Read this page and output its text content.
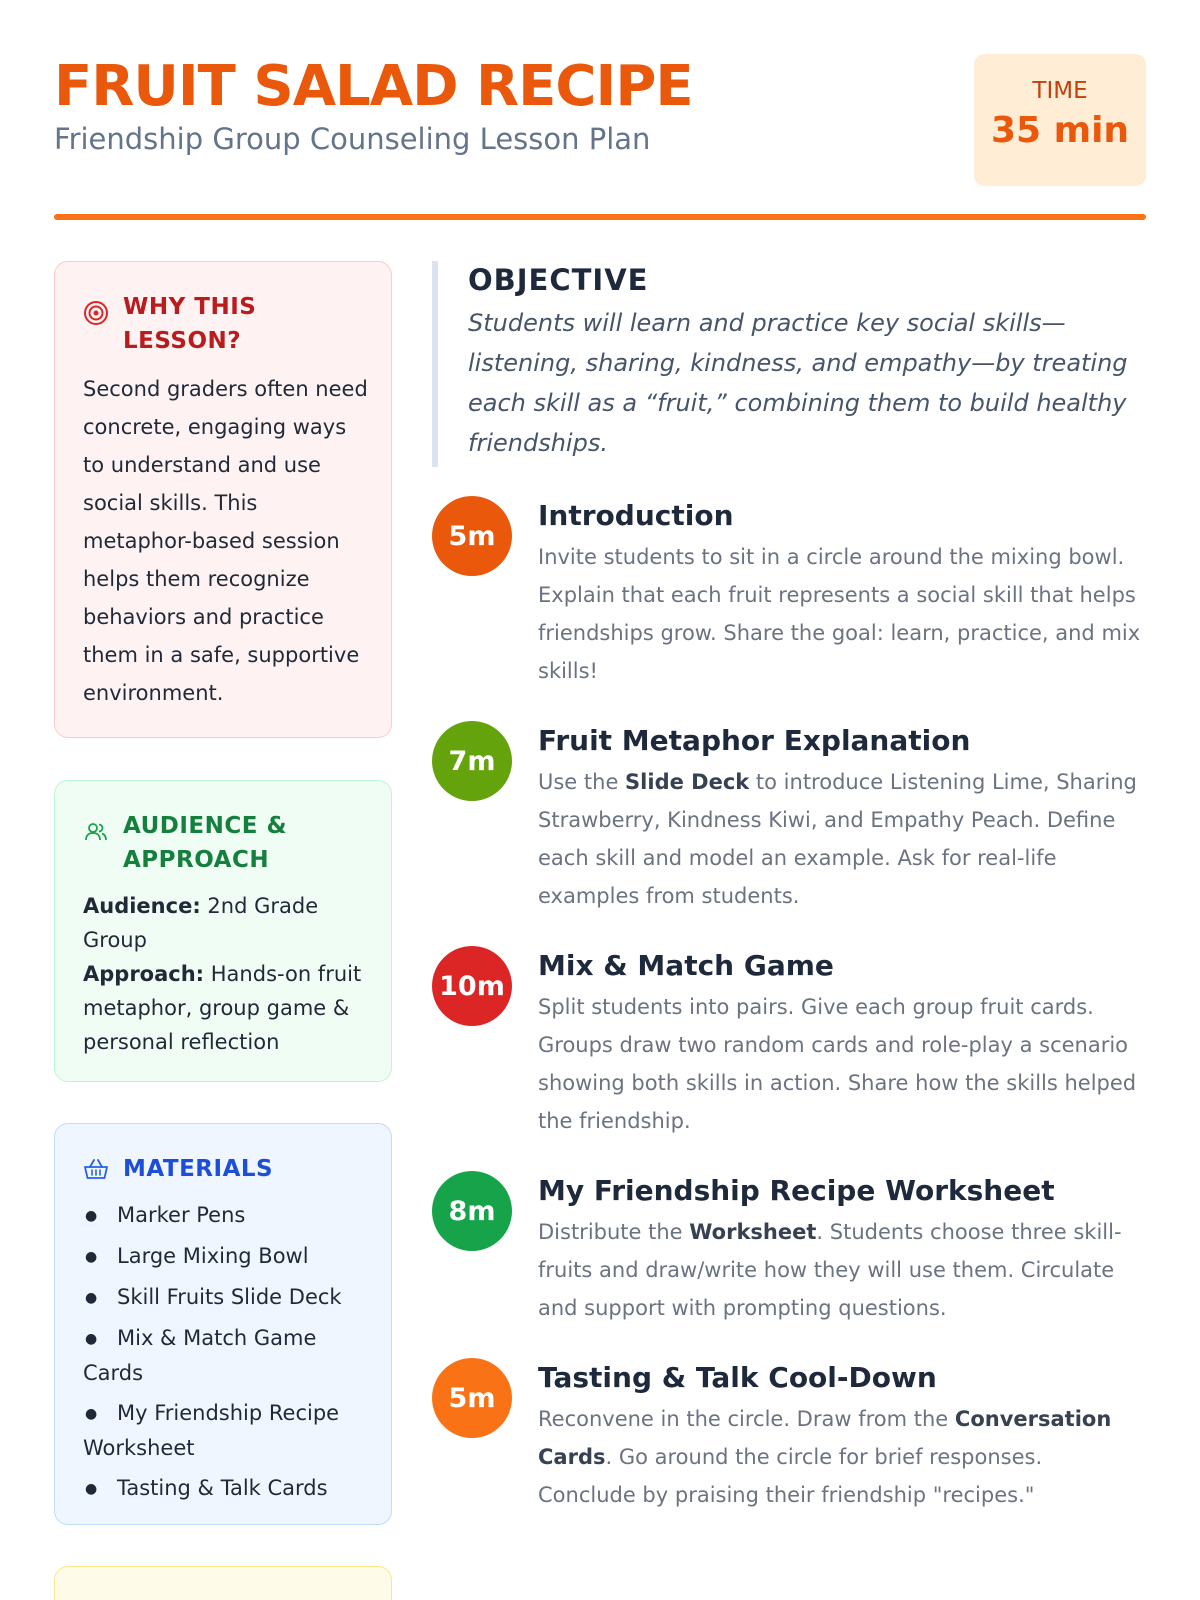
FRUIT SALAD RECIPE
Friendship Group Counseling Lesson Plan
TIME
35 min
WHY THIS LESSON?
Second graders often need concrete, engaging ways to understand and use social skills. This metaphor-based session helps them recognize behaviors and practice them in a safe, supportive environment.
AUDIENCE & APPROACH
Audience: 2nd Grade Group
Approach: Hands-on fruit metaphor, group game & personal reflection
MATERIALS
● Marker Pens
● Large Mixing Bowl
● Skill Fruits Slide Deck
● Mix & Match Game Cards
● My Friendship Recipe Worksheet
● Tasting & Talk Cards
OBJECTIVE
Students will learn and practice key social skills—listening, sharing, kindness, and empathy—by treating each skill as a “fruit,” combining them to build healthy friendships.
5m
Introduction
Invite students to sit in a circle around the mixing bowl. Explain that each fruit represents a social skill that helps friendships grow. Share the goal: learn, practice, and mix skills!
7m
Fruit Metaphor Explanation
Use the Slide Deck to introduce Listening Lime, Sharing Strawberry, Kindness Kiwi, and Empathy Peach. Define each skill and model an example. Ask for real-life examples from students.
10m
Mix & Match Game
Split students into pairs. Give each group fruit cards. Groups draw two random cards and role-play a scenario showing both skills in action. Share how the skills helped the friendship.
8m
My Friendship Recipe Worksheet
Distribute the Worksheet. Students choose three skill-fruits and draw/write how they will use them. Circulate and support with prompting questions.
5m
Tasting & Talk Cool-Down
Reconvene in the circle. Draw from the Conversation Cards. Go around the circle for brief responses. Conclude by praising their friendship "recipes."
